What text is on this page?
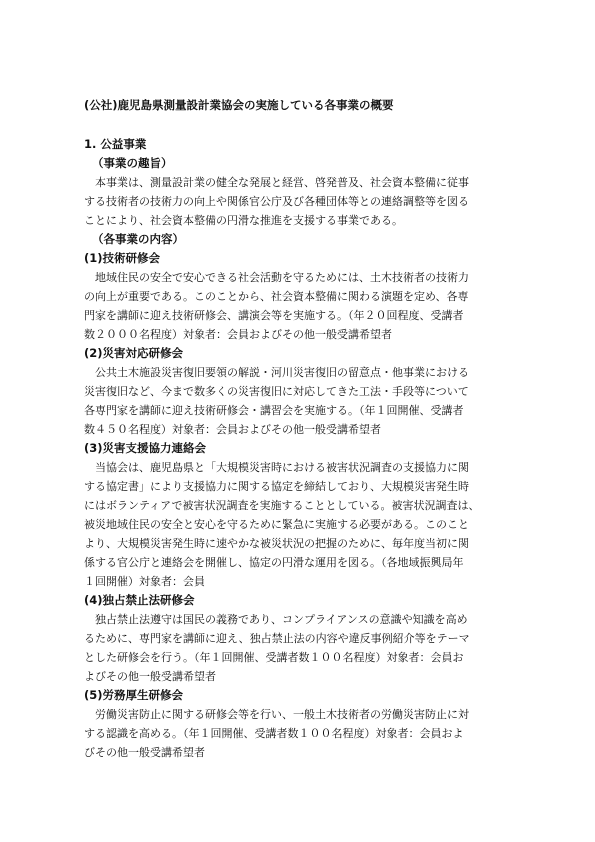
(公社)鹿児島県測量設計業協会の実施している各事業の概要
1. 公益事業
（事業の趣旨）
本事業は、測量設計業の健全な発展と経営、啓発普及、社会資本整備に従事
する技術者の技術力の向上や関係官公庁及び各種団体等との連絡調整等を図る
ことにより、社会資本整備の円滑な推進を支援する事業である。
（各事業の内容）
(1)技術研修会
地域住民の安全で安心できる社会活動を守るためには、土木技術者の技術力
の向上が重要である。このことから、社会資本整備に関わる演題を定め、各専
門家を講師に迎え技術研修会、講演会等を実施する。（年２０回程度、受講者
数２０００名程度）対象者：会員およびその他一般受講希望者
(2)災害対応研修会
公共土木施設災害復旧要領の解説・河川災害復旧の留意点・他事業における
災害復旧など、今まで数多くの災害復旧に対応してきた工法・手段等について
各専門家を講師に迎え技術研修会・講習会を実施する。（年１回開催、受講者
数４５０名程度）対象者：会員およびその他一般受講希望者
(3)災害支援協力連絡会
当協会は、鹿児島県と「大規模災害時における被害状況調査の支援協力に関
する協定書」により支援協力に関する協定を締結しており、大規模災害発生時
にはボランティアで被害状況調査を実施することとしている。被害状況調査は、
被災地域住民の安全と安心を守るために緊急に実施する必要がある。このこと
より、大規模災害発生時に速やかな被災状況の把握のために、毎年度当初に関
係する官公庁と連絡会を開催し、協定の円滑な運用を図る。（各地域振興局年
１回開催）対象者：会員
(4)独占禁止法研修会
独占禁止法遵守は国民の義務であり、コンプライアンスの意識や知識を高め
るために、専門家を講師に迎え、独占禁止法の内容や違反事例紹介等をテーマ
とした研修会を行う。（年１回開催、受講者数１００名程度）対象者：会員お
よびその他一般受講希望者
(5)労務厚生研修会
労働災害防止に関する研修会等を行い、一般土木技術者の労働災害防止に対
する認識を高める。（年１回開催、受講者数１００名程度）対象者：会員およ
びその他一般受講希望者
